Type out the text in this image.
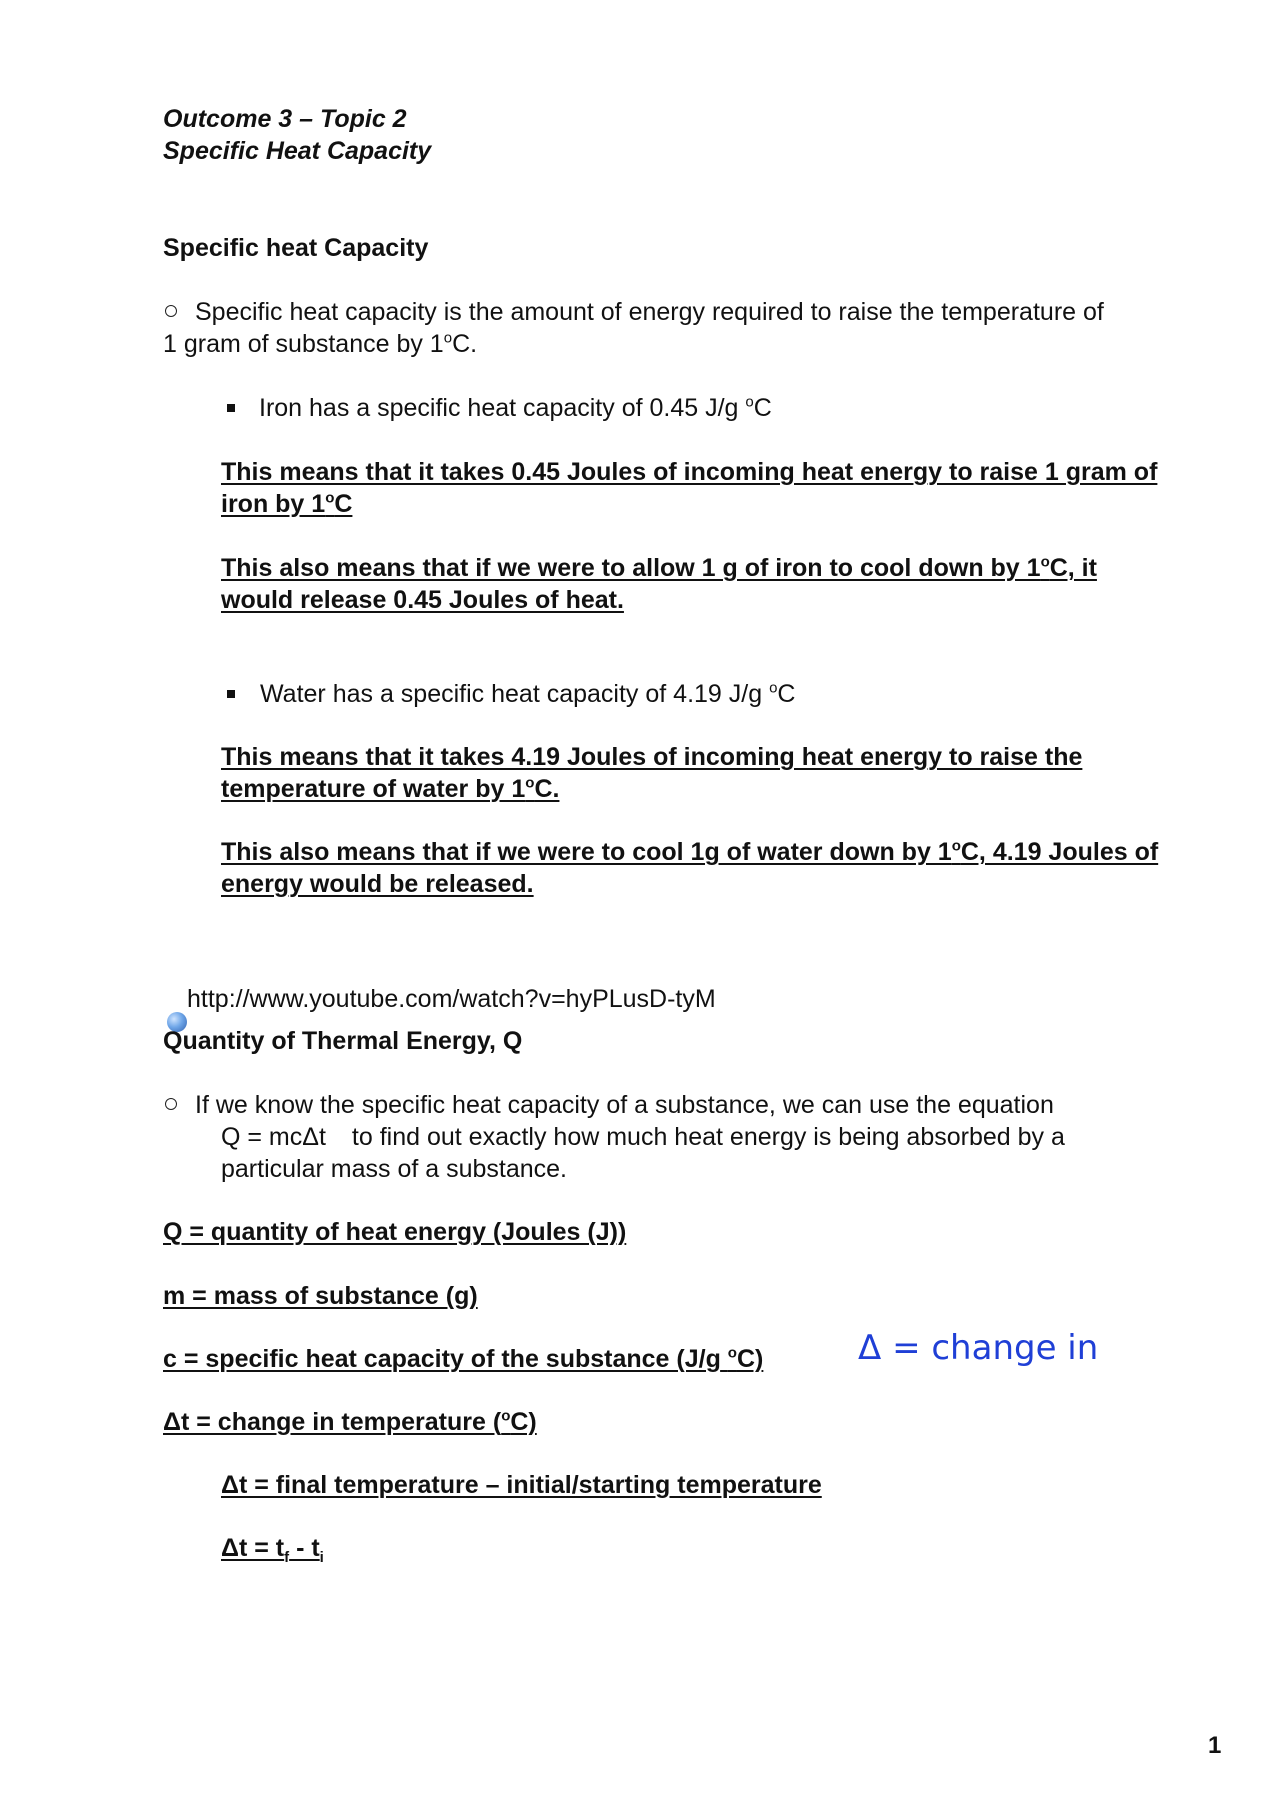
Outcome 3 – Topic 2
Specific Heat Capacity
Specific heat Capacity
Specific heat capacity is the amount of energy required to raise the temperature of
1 gram of substance by 1$^o$C.
Iron has a specific heat capacity of 0.45 J/g $^o$C
This means that it takes 0.45 Joules of incoming heat energy to raise 1 gram of
iron by 1$^o$C
This also means that if we were to allow 1 g of iron to cool down by 1$^o$C, it
would release 0.45 Joules of heat.
Water has a specific heat capacity of 4.19 J/g $^o$C
This means that it takes 4.19 Joules of incoming heat energy to raise the
temperature of water by 1$^o$C.
This also means that if we were to cool 1g of water down by 1$^o$C, 4.19 Joules of
energy would be released.
http://www.youtube.com/watch?v=hyPLusD-tyM
Quantity of Thermal Energy, Q
If we know the specific heat capacity of a substance, we can use the equation
Q = mcΔt to find out exactly how much heat energy is being absorbed by a
particular mass of a substance.
Q = quantity of heat energy (Joules (J))
m = mass of substance (g)
c = specific heat capacity of the substance (J/g $^o$C)
Δt = change in temperature ($^o$C)
Δt = final temperature – initial/starting temperature
$\Delta t = t_f - t_i$
Δ = change in
1
